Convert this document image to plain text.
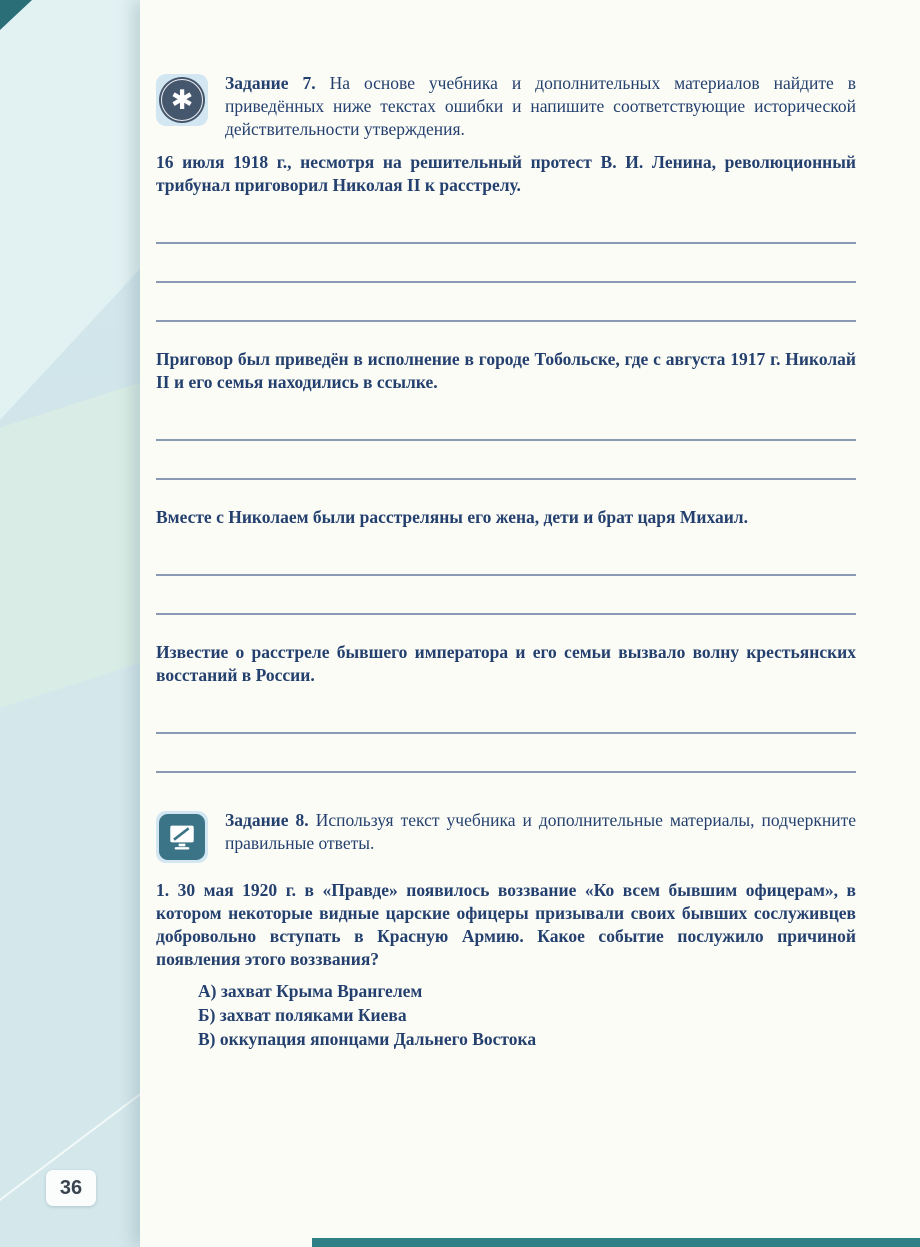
✱

Задание 7. На основе учебника и дополнительных материалов найдите в приведённых ниже текстах ошибки и напишите соответствующие исторической действительности утверждения.

16 июля 1918 г., несмотря на решительный протест В. И. Ленина, революционный трибунал приговорил Николая II к расстрелу.

Приговор был приведён в исполнение в городе Тобольске, где с августа 1917 г. Николай II и его семья находились в ссылке.

Вместе с Николаем были расстреляны его жена, дети и брат царя Михаил.

Известие о расстреле бывшего императора и его семьи вызвало волну крестьянских восстаний в России.

Задание 8. Используя текст учебника и дополнительные материалы, подчеркните правильные ответы.

1. 30 мая 1920 г. в «Правде» появилось воззвание «Ко всем бывшим офицерам», в котором некоторые видные царские офицеры призывали своих бывших сослуживцев добровольно вступать в Красную Армию. Какое событие послужило причиной появления этого воззвания?

А) захват Крыма Врангелем
Б) захват поляками Киева
В) оккупация японцами Дальнего Востока
36
